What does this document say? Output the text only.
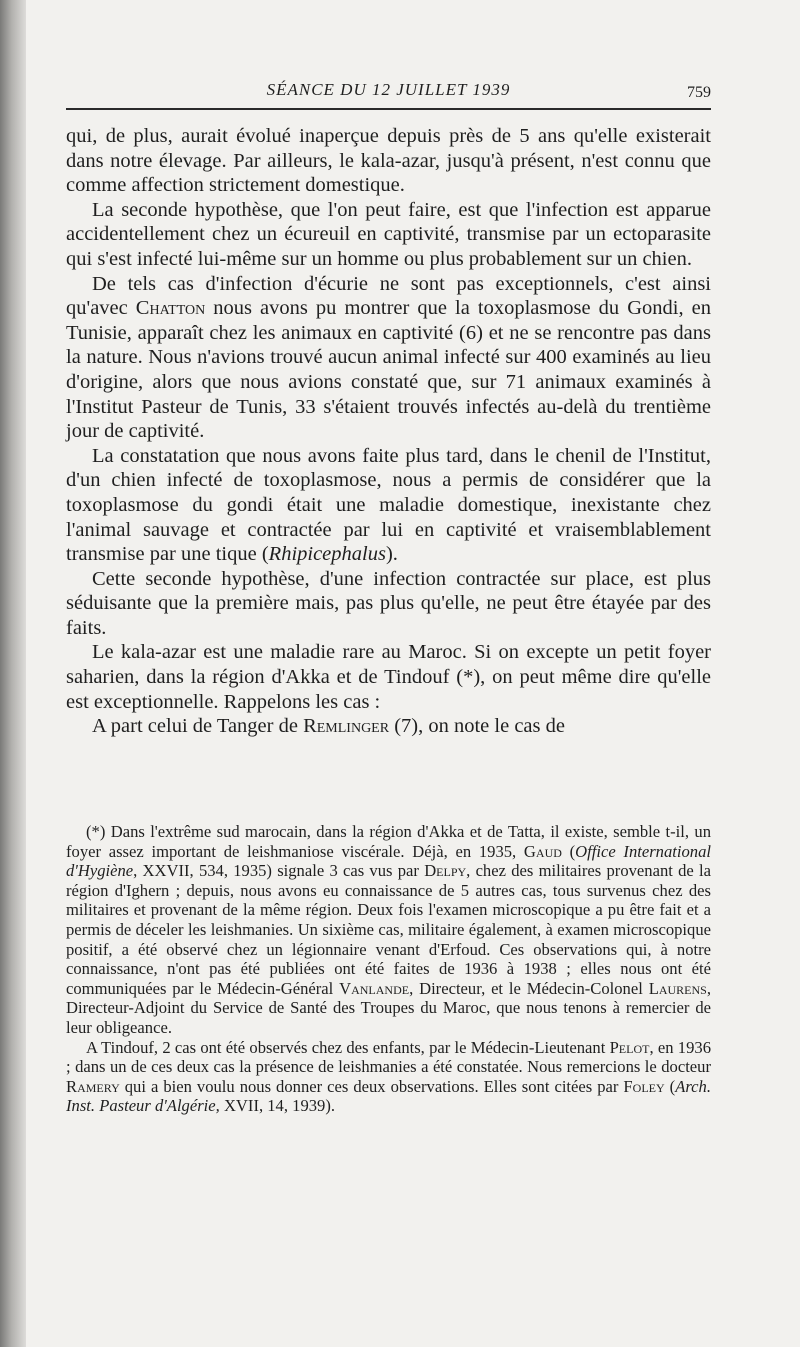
SÉANCE DU 12 JUILLET 1939	759

qui, de plus, aurait évolué inaperçue depuis près de 5 ans qu'elle existerait dans notre élevage. Par ailleurs, le kala-azar, jusqu'à présent, n'est connu que comme affection strictement domestique.

La seconde hypothèse, que l'on peut faire, est que l'infection est apparue accidentellement chez un écureuil en captivité, transmise par un ectoparasite qui s'est infecté lui-même sur un homme ou plus probablement sur un chien.

De tels cas d'infection d'écurie ne sont pas exceptionnels, c'est ainsi qu'avec Chatton nous avons pu montrer que la toxoplasmose du Gondi, en Tunisie, apparaît chez les animaux en captivité (6) et ne se rencontre pas dans la nature. Nous n'avions trouvé aucun animal infecté sur 400 examinés au lieu d'origine, alors que nous avions constaté que, sur 71 animaux examinés à l'Institut Pasteur de Tunis, 33 s'étaient trouvés infectés au-delà du trentième jour de captivité.

La constatation que nous avons faite plus tard, dans le chenil de l'Institut, d'un chien infecté de toxoplasmose, nous a permis de considérer que la toxoplasmose du gondi était une maladie domestique, inexistante chez l'animal sauvage et contractée par lui en captivité et vraisemblablement transmise par une tique (Rhipicephalus).

Cette seconde hypothèse, d'une infection contractée sur place, est plus séduisante que la première mais, pas plus qu'elle, ne peut être étayée par des faits.

Le kala-azar est une maladie rare au Maroc. Si on excepte un petit foyer saharien, dans la région d'Akka et de Tindouf (*), on peut même dire qu'elle est exceptionnelle. Rappelons les cas :

A part celui de Tanger de Remlinger (7), on note le cas de

(*) Dans l'extrême sud marocain, dans la région d'Akka et de Tatta, il existe, semble t-il, un foyer assez important de leishmaniose viscérale. Déjà, en 1935, Gaud (Office International d'Hygiène, XXVII, 534, 1935) signale 3 cas vus par Delpy, chez des militaires provenant de la région d'Ighern ; depuis, nous avons eu connaissance de 5 autres cas, tous survenus chez des militaires et provenant de la même région. Deux fois l'examen microscopique a pu être fait et a permis de déceler les leishmanies. Un sixième cas, militaire également, à examen microscopique positif, a été observé chez un légionnaire venant d'Erfoud. Ces observations qui, à notre connaissance, n'ont pas été publiées ont été faites de 1936 à 1938 ; elles nous ont été communiquées par le Médecin-Général Vanlande, Directeur, et le Médecin-Colonel Laurens, Directeur-Adjoint du Service de Santé des Troupes du Maroc, que nous tenons à remercier de leur obligeance.

A Tindouf, 2 cas ont été observés chez des enfants, par le Médecin-Lieutenant Pelot, en 1936 ; dans un de ces deux cas la présence de leishmanies a été constatée. Nous remercions le docteur Ramery qui a bien voulu nous donner ces deux observations. Elles sont citées par Foley (Arch. Inst. Pasteur d'Algérie, XVII, 14, 1939).
